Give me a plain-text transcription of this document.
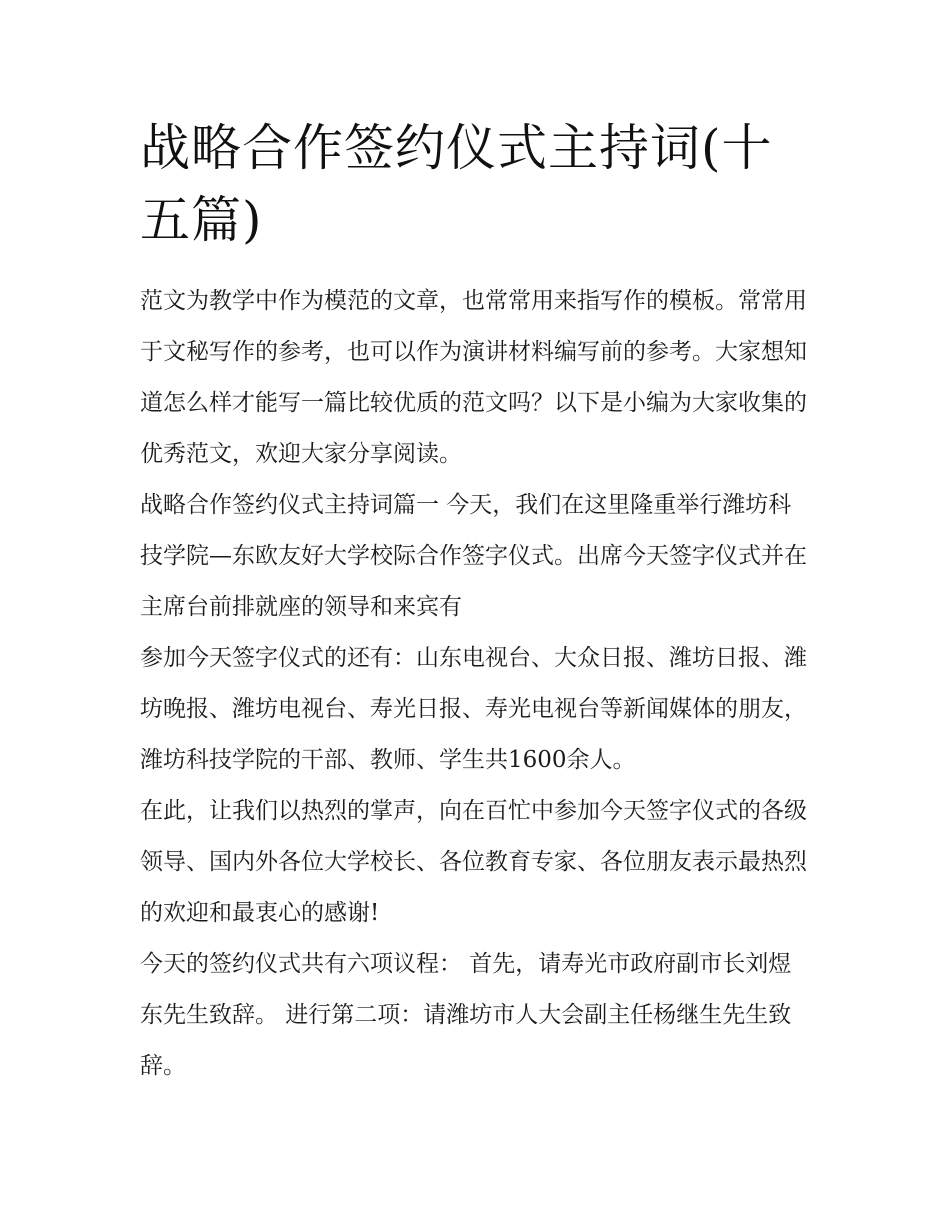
战略合作签约仪式主持词(十五篇)

范文为教学中作为模范的文章，也常常用来指写作的模板。常常用于文秘写作的参考，也可以作为演讲材料编写前的参考。大家想知道怎么样才能写一篇比较优质的范文吗？以下是小编为大家收集的优秀范文，欢迎大家分享阅读。

战略合作签约仪式主持词篇一 今天，我们在这里隆重举行潍坊科技学院—东欧友好大学校际合作签字仪式。出席今天签字仪式并在主席台前排就座的领导和来宾有

参加今天签字仪式的还有：山东电视台、大众日报、潍坊日报、潍坊晚报、潍坊电视台、寿光日报、寿光电视台等新闻媒体的朋友，潍坊科技学院的干部、教师、学生共1600余人。

在此，让我们以热烈的掌声，向在百忙中参加今天签字仪式的各级领导、国内外各位大学校长、各位教育专家、各位朋友表示最热烈的欢迎和最衷心的感谢!

今天的签约仪式共有六项议程： 首先，请寿光市政府副市长刘煜东先生致辞。 进行第二项：请潍坊市人大会副主任杨继生先生致辞。
